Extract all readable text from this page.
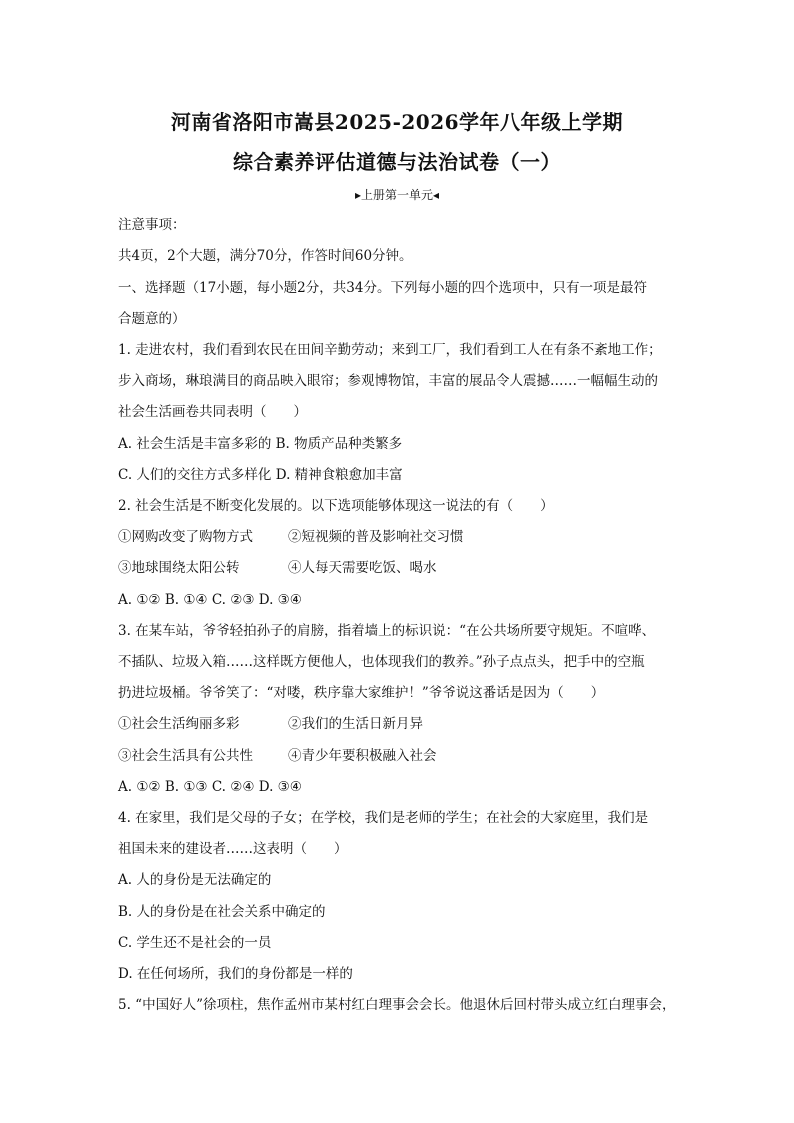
河南省洛阳市嵩县2025-2026学年八年级上学期
综合素养评估道德与法治试卷（一）
▸上册第一单元◂
注意事项：
共4页，2个大题，满分70分，作答时间60分钟。
一、选择题（17小题，每小题2分，共34分。下列每小题的四个选项中，只有一项是最符
合题意的）
1. 走进农村，我们看到农民在田间辛勤劳动；来到工厂，我们看到工人在有条不紊地工作；
步入商场，琳琅满目的商品映入眼帘；参观博物馆，丰富的展品令人震撼……一幅幅生动的
社会生活画卷共同表明（　　）
A. 社会生活是丰富多彩的 B. 物质产品种类繁多
C. 人们的交往方式多样化 D. 精神食粮愈加丰富
2. 社会生活是不断变化发展的。以下选项能够体现这一说法的有（　　）
①网购改变了购物方式	②短视频的普及影响社交习惯
③地球围绕太阳公转	④人每天需要吃饭、喝水
A. ①② B. ①④ C. ②③ D. ③④
3. 在某车站，爷爷轻拍孙子的肩膀，指着墙上的标识说：“在公共场所要守规矩。不喧哗、
不插队、垃圾入箱……这样既方便他人，也体现我们的教养。”孙子点点头，把手中的空瓶
扔进垃圾桶。爷爷笑了：“对喽，秩序靠大家维护！”爷爷说这番话是因为（　　）
①社会生活绚丽多彩	②我们的生活日新月异
③社会生活具有公共性	④青少年要积极融入社会
A. ①② B. ①③ C. ②④ D. ③④
4. 在家里，我们是父母的子女；在学校，我们是老师的学生；在社会的大家庭里，我们是
祖国未来的建设者……这表明（　　）
A. 人的身份是无法确定的
B. 人的身份是在社会关系中确定的
C. 学生还不是社会的一员
D. 在任何场所，我们的身份都是一样的
5. “中国好人”徐项柱，焦作孟州市某村红白理事会会长。他退休后回村带头成立红白理事会，
